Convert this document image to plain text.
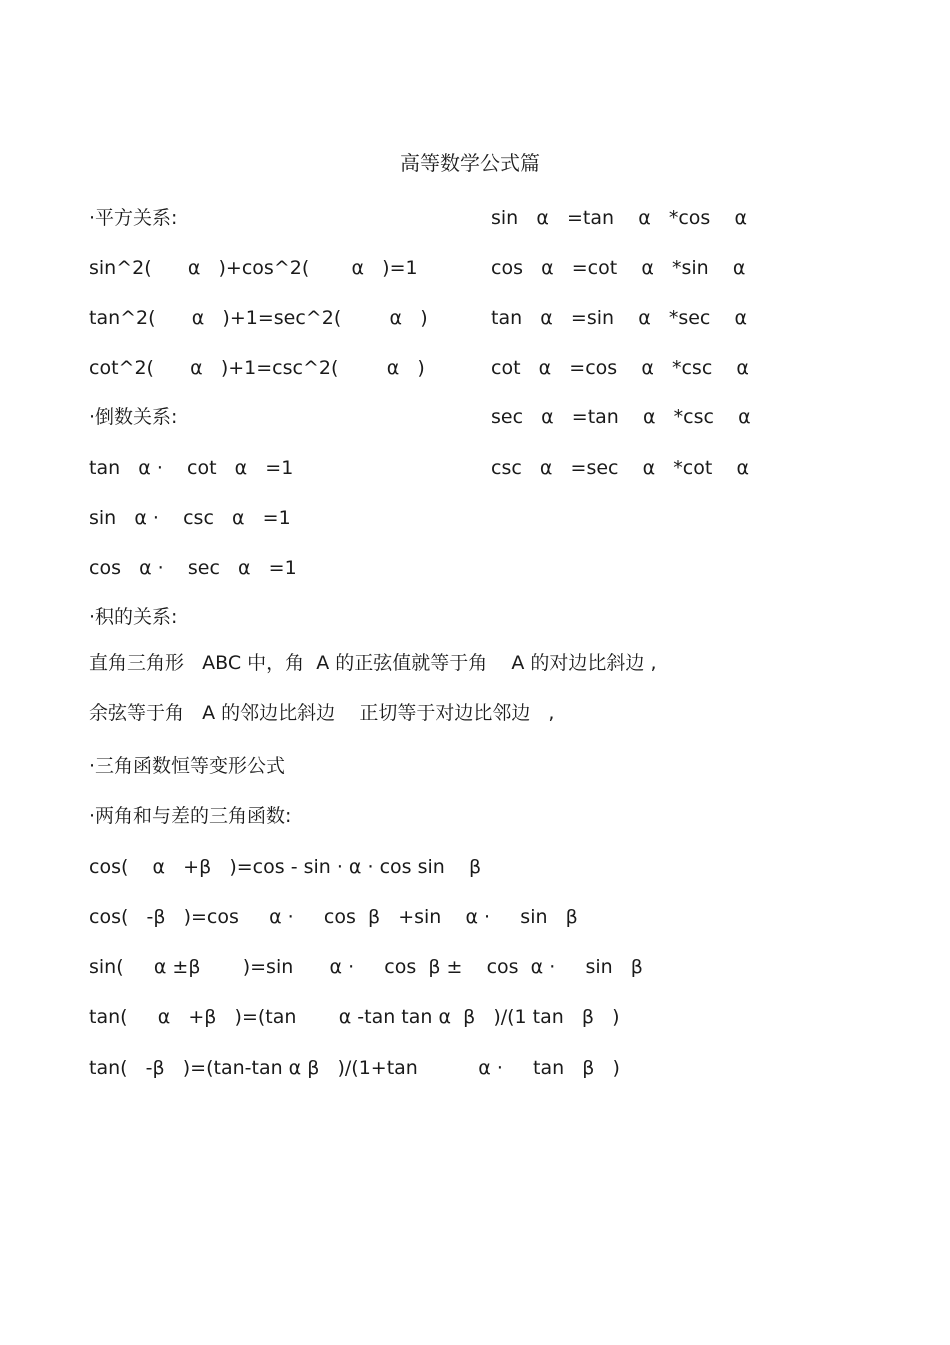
高等数学公式篇
·平方关系:
sin^2(      α   )+cos^2(       α   )=1
tan^2(      α   )+1=sec^2(        α   )
cot^2(      α   )+1=csc^2(        α   )
·倒数关系:
tan   α ·    cot   α   =1
sin   α ·    csc   α   =1
cos   α ·    sec   α   =1
·积的关系:
直角三角形   ABC 中，角  A 的正弦值就等于角    A 的对边比斜边 ,
余弦等于角   A 的邻边比斜边    正切等于对边比邻边   ,
·三角函数恒等变形公式
·两角和与差的三角函数:
cos(    α   +β   )=cos - sin · α · cos sin    β
cos(   -β   )=cos     α ·     cos  β   +sin    α ·     sin   β
sin(     α ±β       )=sin      α ·     cos  β ±    cos  α ·     sin   β
tan(     α   +β   )=(tan       α -tan tan α  β   )/(1 tan   β   )
tan(   -β   )=(tan-tan α β   )/(1+tan          α ·     tan   β   )
sin   α   =tan    α   *cos    α
cos   α   =cot    α   *sin    α
tan   α   =sin    α   *sec    α
cot   α   =cos    α   *csc    α
sec   α   =tan    α   *csc    α
csc   α   =sec    α   *cot    α
